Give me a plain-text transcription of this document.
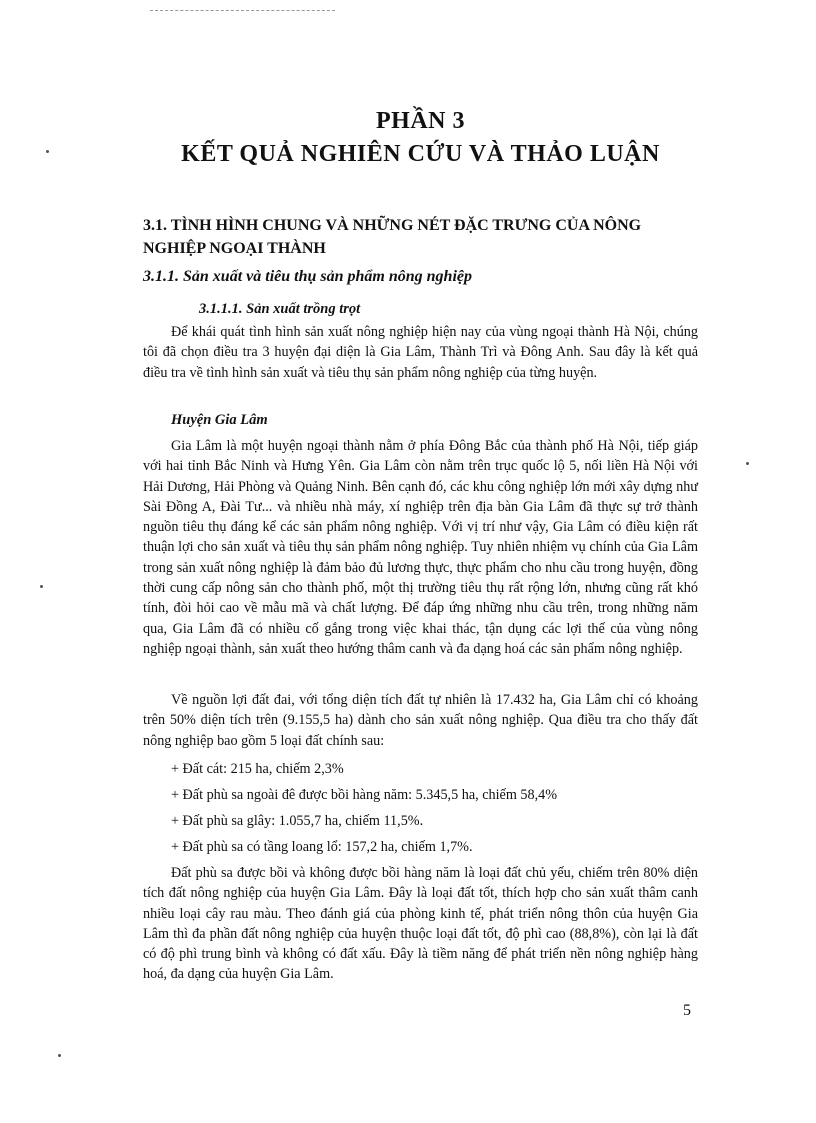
PHẦN 3
KẾT QUẢ NGHIÊN CỨU VÀ THẢO LUẬN
3.1. TÌNH HÌNH CHUNG VÀ NHỮNG NÉT ĐẶC TRƯNG CỦA NÔNG NGHIỆP NGOẠI THÀNH
3.1.1. Sản xuất và tiêu thụ sản phẩm nông nghiệp
3.1.1.1. Sản xuất trồng trọt

Để khái quát tình hình sản xuất nông nghiệp hiện nay của vùng ngoại thành Hà Nội, chúng tôi đã chọn điều tra 3 huyện đại diện là Gia Lâm, Thành Trì và Đông Anh. Sau đây là kết quả điều tra về tình hình sản xuất và tiêu thụ sản phẩm nông nghiệp của từng huyện.

Huyện Gia Lâm

Gia Lâm là một huyện ngoại thành nằm ở phía Đông Bắc của thành phố Hà Nội, tiếp giáp với hai tỉnh Bắc Ninh và Hưng Yên. Gia Lâm còn nằm trên trục quốc lộ 5, nối liền Hà Nội với Hải Dương, Hải Phòng và Quảng Ninh. Bên cạnh đó, các khu công nghiệp lớn mới xây dựng như Sài Đồng A, Đài Tư... và nhiều nhà máy, xí nghiệp trên địa bàn Gia Lâm đã thực sự trở thành nguồn tiêu thụ đáng kể các sản phẩm nông nghiệp. Với vị trí như vậy, Gia Lâm có điều kiện rất thuận lợi cho sản xuất và tiêu thụ sản phẩm nông nghiệp. Tuy nhiên nhiệm vụ chính của Gia Lâm trong sản xuất nông nghiệp là đảm bảo đủ lương thực, thực phẩm cho nhu cầu trong huyện, đồng thời cung cấp nông sản cho thành phố, một thị trường tiêu thụ rất rộng lớn, nhưng cũng rất khó tính, đòi hỏi cao về mẫu mã và chất lượng. Để đáp ứng những nhu cầu trên, trong những năm qua, Gia Lâm đã có nhiều cố gắng trong việc khai thác, tận dụng các lợi thế của vùng nông nghiệp ngoại thành, sản xuất theo hướng thâm canh và đa dạng hoá các sản phẩm nông nghiệp.

Về nguồn lợi đất đai, với tổng diện tích đất tự nhiên là 17.432 ha, Gia Lâm chỉ có khoảng trên 50% diện tích trên (9.155,5 ha) dành cho sản xuất nông nghiệp. Qua điều tra cho thấy đất nông nghiệp bao gồm 5 loại đất chính sau:

+ Đất cát: 215 ha, chiếm 2,3%
+ Đất phù sa ngoài đê được bồi hàng năm: 5.345,5 ha, chiếm 58,4%
+ Đất phù sa glây: 1.055,7 ha, chiếm 11,5%.
+ Đất phù sa có tầng loang lổ: 157,2 ha, chiếm 1,7%.

Đất phù sa được bồi và không được bồi hàng năm là loại đất chủ yếu, chiếm trên 80% diện tích đất nông nghiệp của huyện Gia Lâm. Đây là loại đất tốt, thích hợp cho sản xuất thâm canh nhiều loại cây rau màu. Theo đánh giá của phòng kinh tế, phát triển nông thôn của huyện Gia Lâm thì đa phần đất nông nghiệp của huyện thuộc loại đất tốt, độ phì cao (88,8%), còn lại là đất có độ phì trung bình và không có đất xấu. Đây là tiềm năng để phát triển nền nông nghiệp hàng hoá, đa dạng của huyện Gia Lâm.

5
